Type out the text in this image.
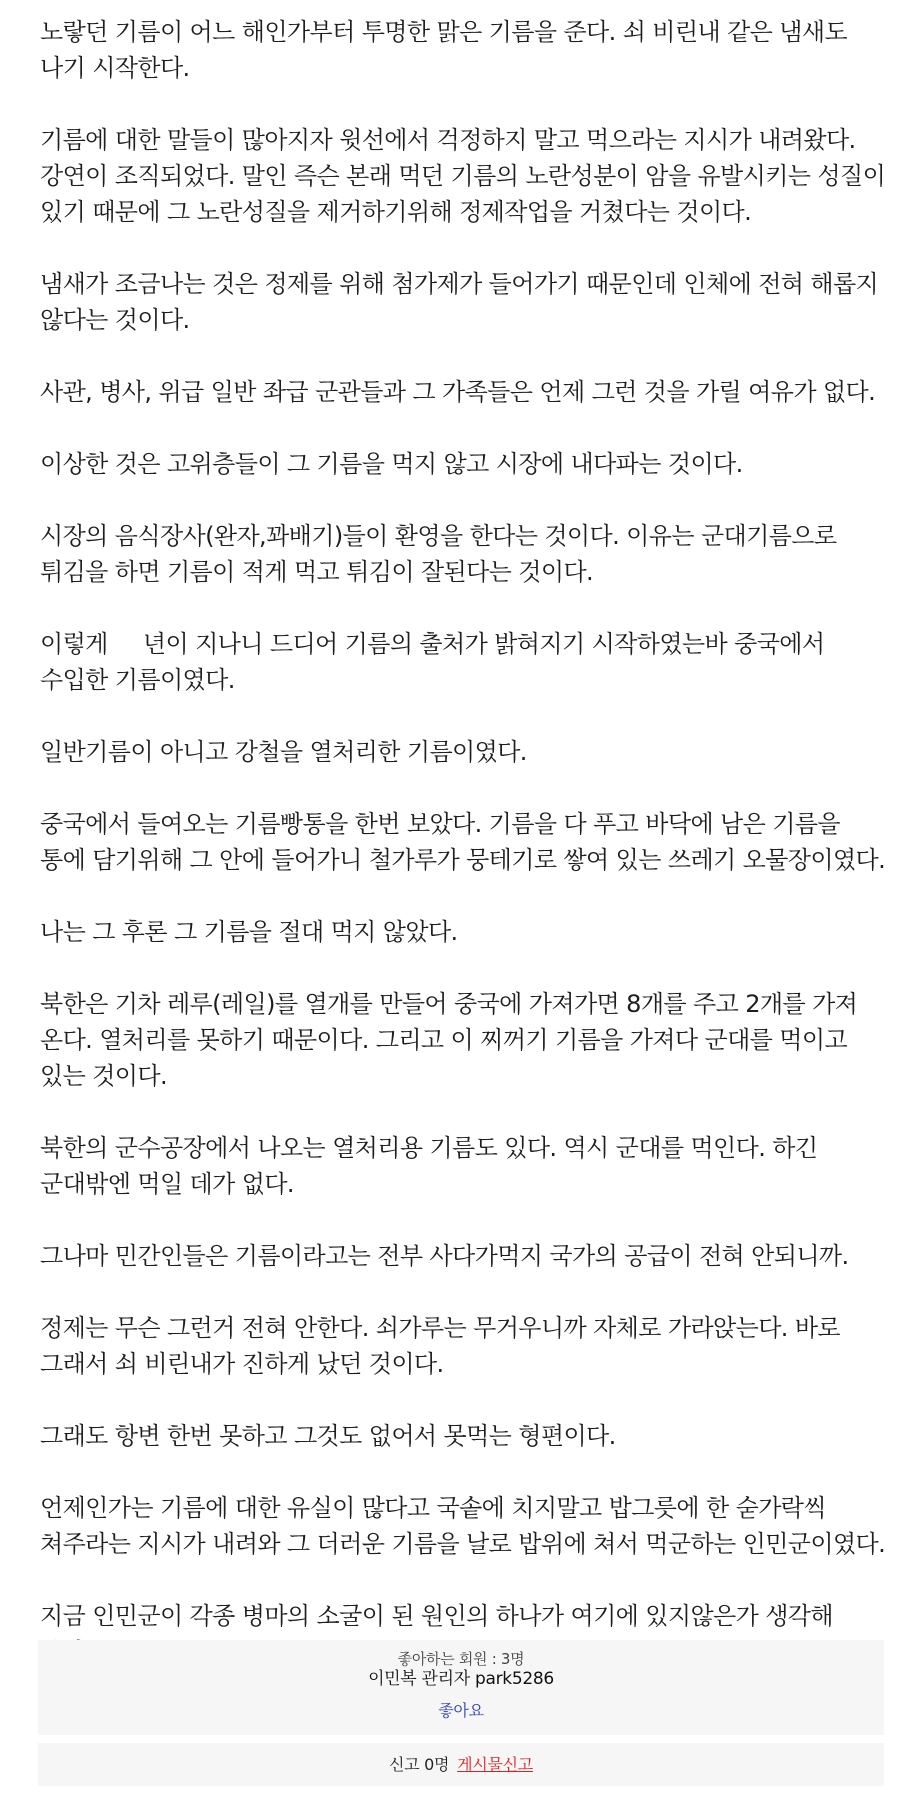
노랗던 기름이 어느 해인가부터 투명한 맑은 기름을 준다. 쇠 비린내 같은 냄새도 나기 시작한다.

기름에 대한 말들이 많아지자 윗선에서 걱정하지 말고 먹으라는 지시가 내려왔다.
강연이 조직되었다. 말인 즉슨 본래 먹던 기름의 노란성분이 암을 유발시키는 성질이 있기 때문에 그 노란성질을 제거하기위해 정제작업을 거쳤다는 것이다.

냄새가 조금나는 것은 정제를 위해 첨가제가 들어가기 때문인데 인체에 전혀 해롭지 않다는 것이다.

사관, 병사, 위급 일반 좌급 군관들과 그 가족들은 언제 그런 것을 가릴 여유가 없다.

이상한 것은 고위층들이 그 기름을 먹지 않고 시장에 내다파는 것이다.

시장의 음식장사(완자,꽈배기)들이 환영을 한다는 것이다. 이유는 군대기름으로 튀김을 하면 기름이 적게 먹고 튀김이 잘된다는 것이다.

이렇게     년이 지나니 드디어 기름의 출처가 밝혀지기 시작하였는바 중국에서 수입한 기름이였다.

일반기름이 아니고 강철을 열처리한 기름이였다.

중국에서 들여오는 기름빵통을 한번 보았다. 기름을 다 푸고 바닥에 남은 기름을 통에 담기위해 그 안에 들어가니 철가루가 뭉테기로 쌓여 있는 쓰레기 오물장이였다.

나는 그 후론 그 기름을 절대 먹지 않았다.

북한은 기차 레루(레일)를 열개를 만들어 중국에 가져가면 8개를 주고 2개를 가져 온다. 열처리를 못하기 때문이다. 그리고 이 찌꺼기 기름을 가져다 군대를 먹이고 있는 것이다.

북한의 군수공장에서 나오는 열처리용 기름도 있다. 역시 군대를 먹인다. 하긴 군대밖엔 먹일 데가 없다.

그나마 민간인들은 기름이라고는 전부 사다가먹지 국가의 공급이 전혀 안되니까.

정제는 무슨 그런거 전혀 안한다. 쇠가루는 무거우니까 자체로 가라앉는다. 바로 그래서 쇠 비린내가 진하게 났던 것이다.

그래도 항변 한번 못하고 그것도 없어서 못먹는 형편이다.

언제인가는 기름에 대한 유실이 많다고 국솥에 치지말고 밥그릇에 한 숟가락씩 쳐주라는 지시가 내려와 그 더러운 기름을 날로 밥위에 쳐서 먹군하는 인민군이였다.

지금 인민군이 각종 병마의 소굴이 된 원인의 하나가 여기에 있지않은가 생각해

좋아하는 회원 : 3명
이민복 관리자 park5286
좋아요
신고 0명 게시물신고
